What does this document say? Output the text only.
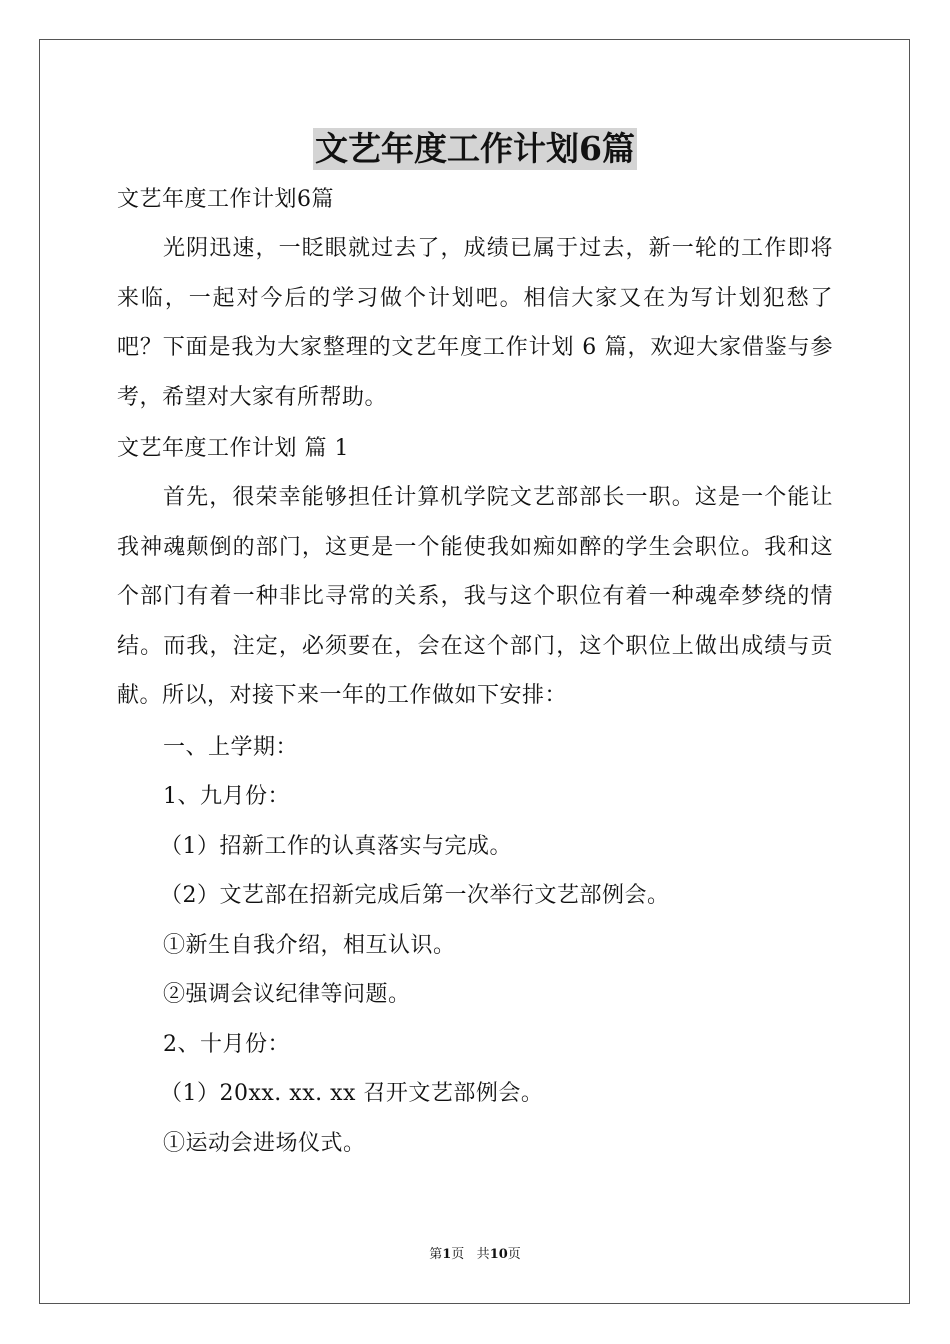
文艺年度工作计划6篇
文艺年度工作计划6篇
光阴迅速，一眨眼就过去了，成绩已属于过去，新一轮的工作即将来临，一起对今后的学习做个计划吧。相信大家又在为写计划犯愁了吧？下面是我为大家整理的文艺年度工作计划 6 篇，欢迎大家借鉴与参考，希望对大家有所帮助。
文艺年度工作计划 篇 1
首先，很荣幸能够担任计算机学院文艺部部长一职。这是一个能让我神魂颠倒的部门，这更是一个能使我如痴如醉的学生会职位。我和这个部门有着一种非比寻常的关系，我与这个职位有着一种魂牵梦绕的情结。而我，注定，必须要在，会在这个部门，这个职位上做出成绩与贡献。所以，对接下来一年的工作做如下安排：
一、上学期：
1、九月份：
（1）招新工作的认真落实与完成。
（2）文艺部在招新完成后第一次举行文艺部例会。
①新生自我介绍，相互认识。
②强调会议纪律等问题。
2、十月份：
（1）20xx. xx. xx 召开文艺部例会。
①运动会进场仪式。
第1页 共10页
